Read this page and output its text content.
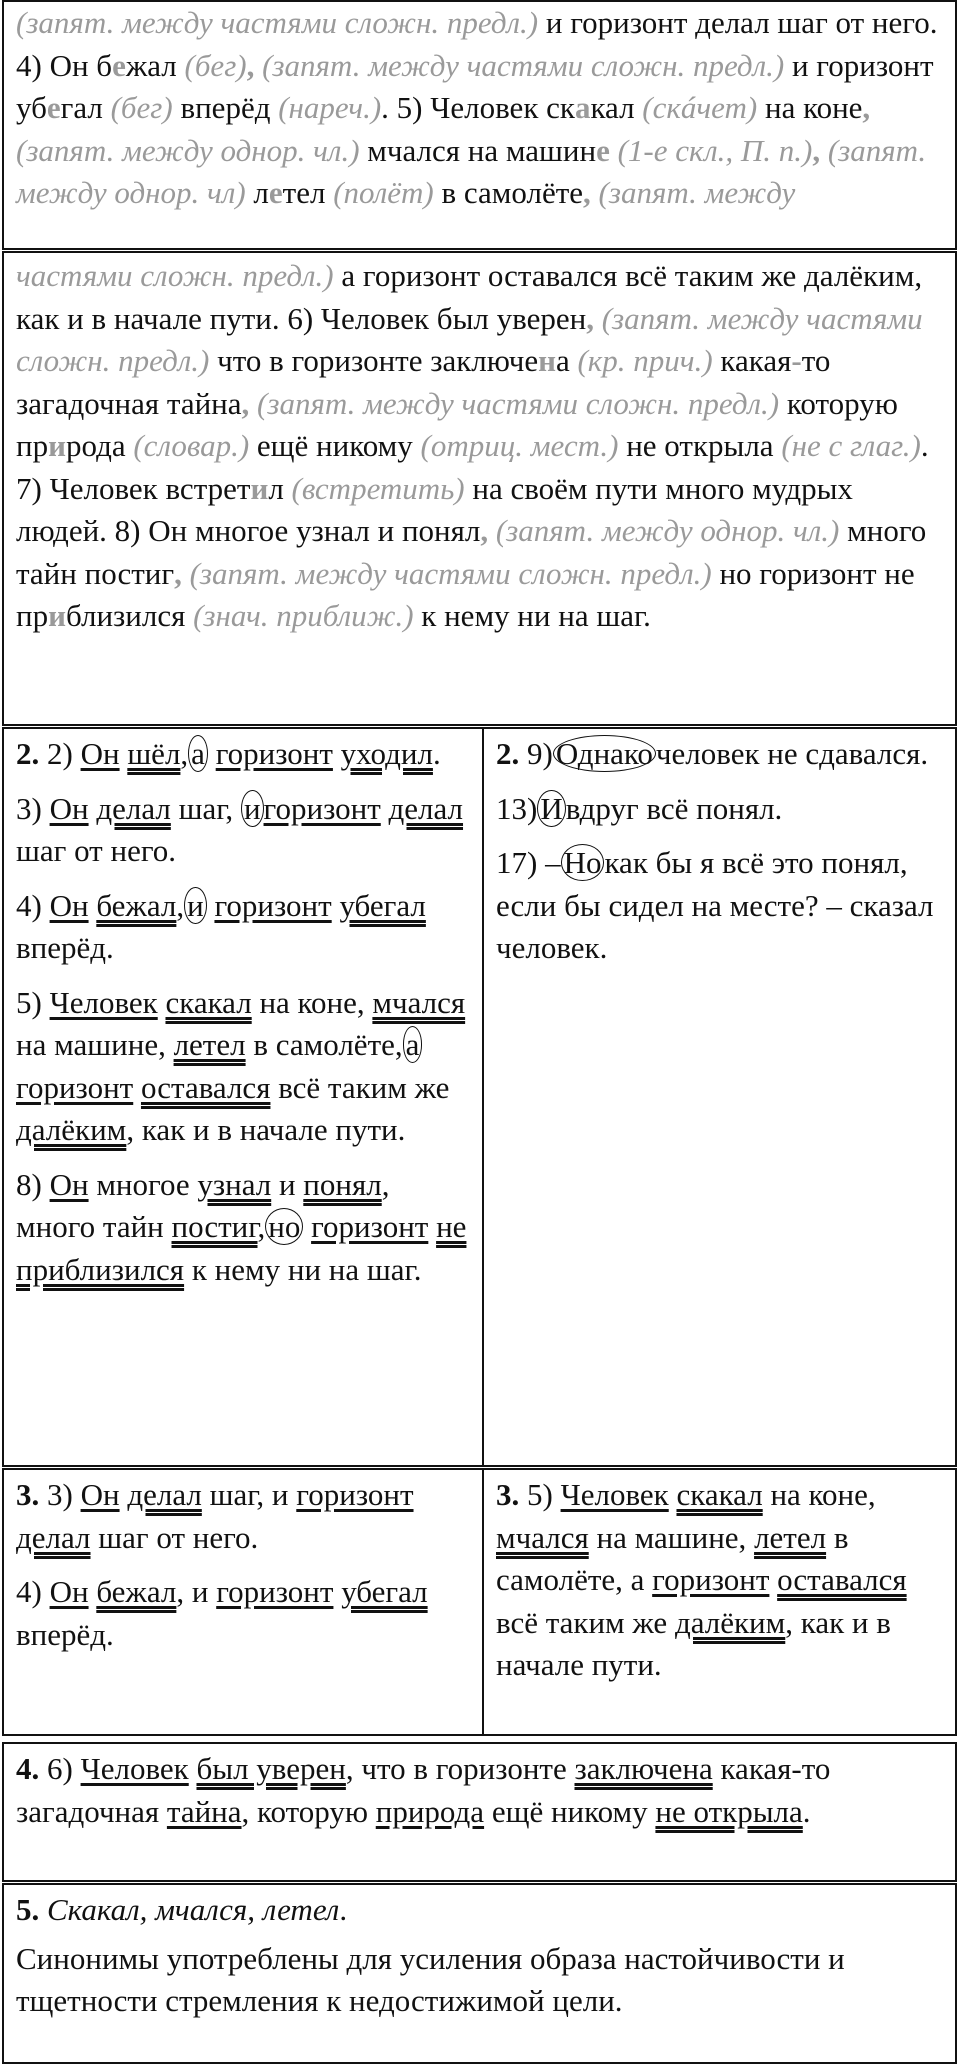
(запят. между частями сложн. предл.) и горизонт делал шаг от него. 4) Он бежал (бег), (запят. между частями сложн. предл.) и горизонт убегал (бег) вперёд (нареч.). 5) Человек скакал (скáчет) на коне, (запят. между однор. чл.) мчался на машине (1-е скл., П. п.), (запят. между однор. чл) летел (полёт) в самолёте, (запят. между
частями сложн. предл.) а горизонт оставался всё таким же далёким, как и в начале пути. 6) Человек был уверен, (запят. между частями сложн. предл.) что в горизонте заключена (кр. прич.) какая-то загадочная тайна, (запят. между частями сложн. предл.) которую природа (словар.) ещё никому (отриц. мест.) не открыла (не с глаг.). 7) Человек встретил (встретить) на своём пути много мудрых людей. 8) Он многое узнал и понял, (запят. между однор. чл.) много тайн постиг, (запят. между частями сложн. предл.) но горизонт не приблизился (знач. приближ.) к нему ни на шаг.

2. 2) Он шёл,а горизонт уходил.

3) Он делал шаг, игоризонт делал шаг от него.

4) Он бежал,и горизонт убегал вперёд.

5) Человек скакал на коне, мчался на машине, летел в самолёте,а горизонт оставался всё таким же далёким, как и в начале пути.

8) Он многое узнал и понял, много тайн постиг,но горизонт не приблизился к нему ни на шаг.

2. 9)Однакочеловек не сдавался.

13)Ивдруг всё понял.

17) –Нокак бы я всё это понял, если бы сидел на месте? – сказал человек.

3. 3) Он делал шаг, и горизонт делал шаг от него.

4) Он бежал, и горизонт убегал вперёд.

3. 5) Человек скакал на коне, мчался на машине, летел в самолёте, а горизонт оставался всё таким же далёким, как и в начале пути.

4. 6) Человек был уверен, что в горизонте заключена какая-то загадочная тайна, которую природа ещё никому не открыла.

5. Скакал, мчался, летел.

Синонимы употреблены для усиления образа настойчивости и тщетности стремления к недостижимой цели.
